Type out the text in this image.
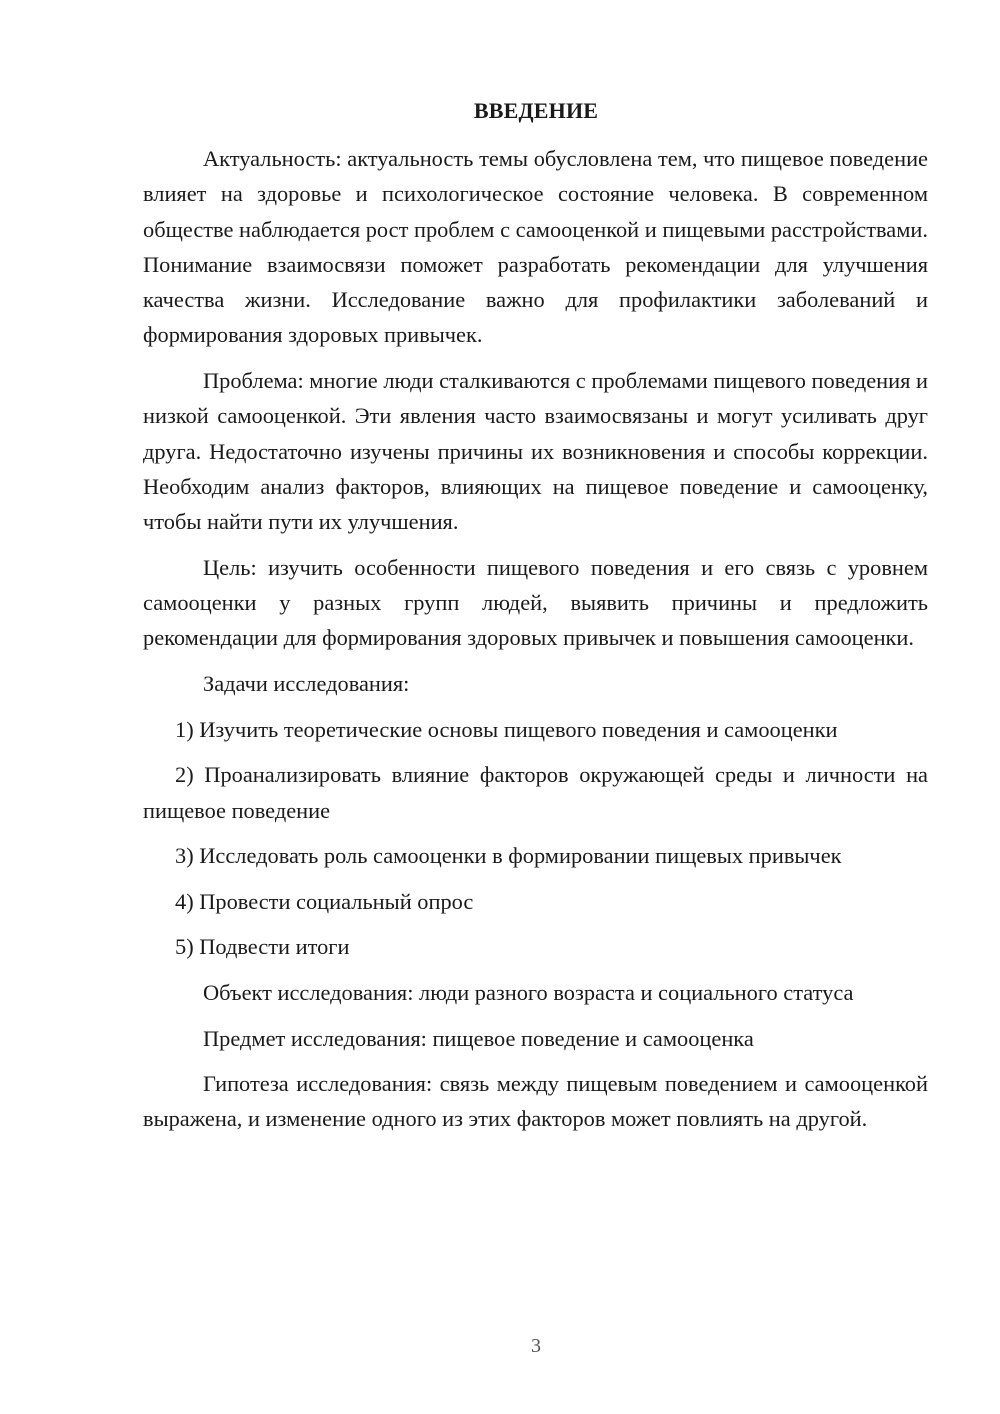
ВВЕДЕНИЕ

Актуальность: актуальность темы обусловлена тем, что пищевое поведение влияет на здоровье и психологическое состояние человека. В современном обществе наблюдается рост проблем с самооценкой и пищевыми расстройствами. Понимание взаимосвязи поможет разработать рекомендации для улучшения качества жизни. Исследование важно для профилактики заболеваний и формирования здоровых привычек.

Проблема: многие люди сталкиваются с проблемами пищевого поведения и низкой самооценкой. Эти явления часто взаимосвязаны и могут усиливать друг друга. Недостаточно изучены причины их возникновения и способы коррекции. Необходим анализ факторов, влияющих на пищевое поведение и самооценку, чтобы найти пути их улучшения.

Цель: изучить особенности пищевого поведения и его связь с уровнем самооценки у разных групп людей, выявить причины и предложить рекомендации для формирования здоровых привычек и повышения самооценки.

Задачи исследования:

1) Изучить теоретические основы пищевого поведения и самооценки

2) Проанализировать влияние факторов окружающей среды и личности на пищевое поведение

3) Исследовать роль самооценки в формировании пищевых привычек

4) Провести социальный опрос

5) Подвести итоги

Объект исследования: люди разного возраста и социального статуса

Предмет исследования: пищевое поведение и самооценка

Гипотеза исследования: связь между пищевым поведением и самооценкой выражена, и изменение одного из этих факторов может повлиять на другой.

3
